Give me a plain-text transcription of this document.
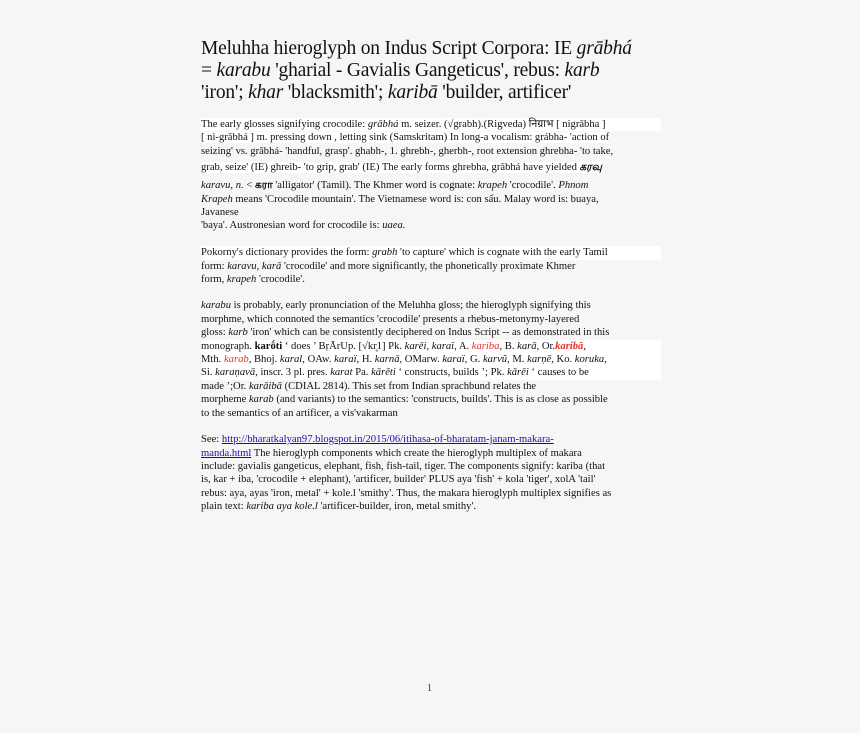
Meluhha hieroglyph on Indus Script Corpora: IE grābhá
= karabu 'gharial - Gavialis Gangeticus', rebus: karb
'iron'; khar 'blacksmith'; karibā 'builder, artificer'
The early glosses signifying crocodile: grābhá m. seizer. (√grabh).(Rigveda) निग्राभ [ nigrābha ]
[ ni-grābhá ] m. pressing down , letting sink (Samskritam) In long-a vocalism: grábha- 'action of
seizing' vs. grābhá- 'handful, grasp'. ghabh-, 1. ghrebh-, gherbh-, root extension ghrebha- 'to take,
grab, seize' (IE) ghreib- 'to grip, grab' (IE) The early forms ghrebha, grābhá have yielded கரவு
karavu, n. < கரா 'alligator' (Tamil). The Khmer word is cognate: krapeh 'crocodile'. Phnom
Krapeh means 'Crocodile mountain'. The Vietnamese word is: con sấu. Malay word is: buaya,
Javanese
'baya'. Austronesian word for crocodile is: uaea.

Pokorny's dictionary provides the form: grabh 'to capture' which is cognate with the early Tamil

form: karavu, karā 'crocodile' and more significantly, the phonetically proximate Khmer

form, krapeh 'crocodile'.

karabu is probably, early pronunciation of the Meluhha gloss; the hieroglyph signifying this

morphme, which connoted the semantics 'crocodile' presents a rhebus-metonymy-layered

gloss: karb 'iron' which can be consistently deciphered on Indus Script -- as demonstrated in this

monograph. karṓti ‘ does ’ BṛĀrUp. [√kr̥1] Pk. karēi, karaï, A. kariba, B. karā, Or.karibā,

Mth. karab, Bhoj. karal, OAw. karaï, H. karnā, OMarw. karaï, G. karvũ, M. karṇē, Ko. koruka,

Si. karaṇavā, inscr. 3 pl. pres. karat Pa. kārēti ‘ constructs, builds ’; Pk. kārēi ‘ causes to be

made ’;Or. karāibā (CDIAL 2814). This set from Indian sprachbund relates the

morpheme karab (and variants) to the semantics: 'constructs, builds'. This is as close as possible

to the semantics of an artificer, a vis'vakarman

See: http://bharatkalyan97.blogspot.in/2015/06/itihasa-of-bharatam-janam-makara-

manda.html The hieroglyph components which create the hieroglyph multiplex of makara

include: gavialis gangeticus, elephant, fish, fish-tail, tiger. The components signify: kariba (that

is, kar + iba, 'crocodile + elephant), 'artificer, builder' PLUS aya 'fish' + kola 'tiger', xolA 'tail'

rebus: aya, ayas 'iron, metal' + kole.l 'smithy'. Thus, the makara hieroglyph multiplex signifies as

plain text: kariba aya kole.l 'artificer-builder, iron, metal smithy'.

1
